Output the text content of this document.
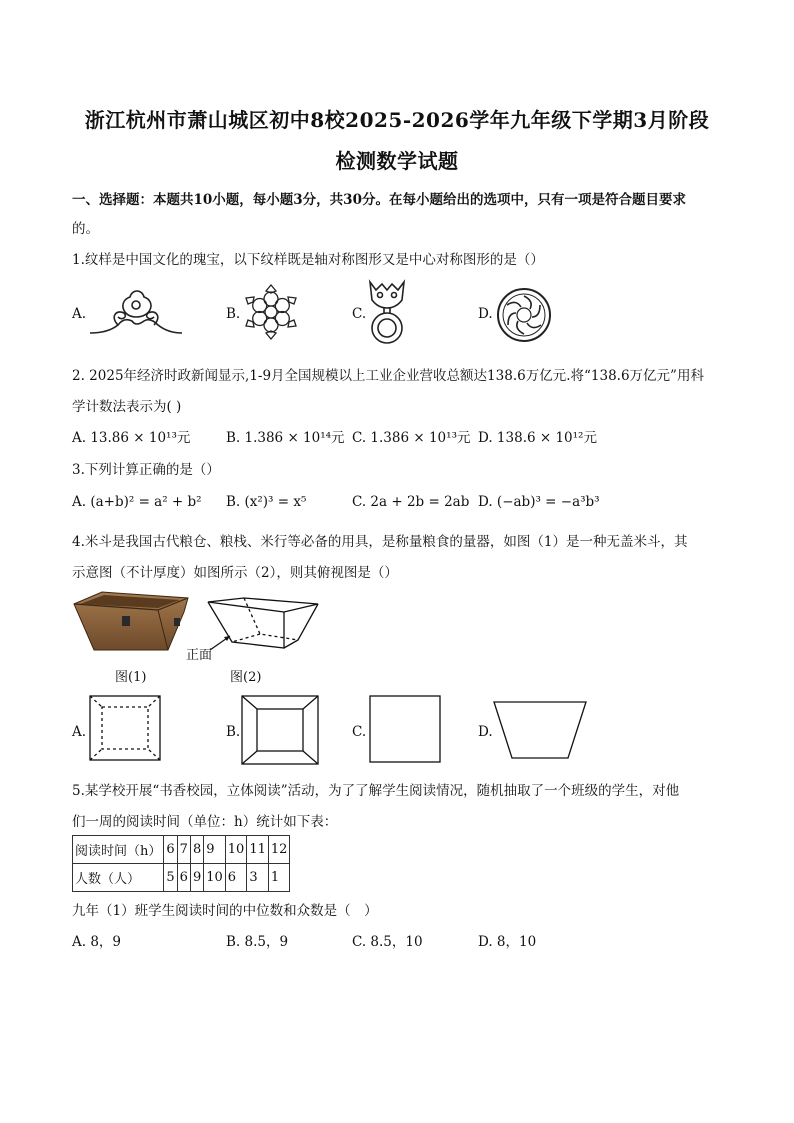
浙江杭州市萧山城区初中8校2025-2026学年九年级下学期3月阶段
检测数学试题
一、选择题：本题共10小题，每小题3分，共30分。在每小题给出的选项中，只有一项是符合题目要求
的。
1.纹样是中国文化的瑰宝，以下纹样既是轴对称图形又是中心对称图形的是（）
A.	B.	C.	D.
2. 2025年经济时政新闻显示,1-9月全国规模以上工业企业营收总额达138.6万亿元.将“138.6万亿元”用科
学计数法表示为( )
A. 13.86 × 10¹³元	B. 1.386 × 10¹⁴元 C. 1.386 × 10¹³元 D. 138.6 × 10¹²元
3.下列计算正确的是（）
A. (a+b)² = a² + b² B. (x²)³ = x⁵	C. 2a + 2b = 2ab D. (−ab)³ = −a³b³
4.米斗是我国古代粮仓、粮栈、米行等必备的用具，是称量粮食的量器，如图（1）是一种无盖米斗，其
示意图（不计厚度）如图所示（2），则其俯视图是（）
图(1)
正面
图(2)
A.	B.	C.	D.
5.某学校开展“书香校园，立体阅读”活动，为了了解学生阅读情况，随机抽取了一个班级的学生，对他
们一周的阅读时间（单位：h）统计如下表：
阅读时间（h）	6	7	8	9	10	11	12
人数（人）	5	6	9	10	6	3	1
九年（1）班学生阅读时间的中位数和众数是（　）
A. 8，9	B. 8.5，9	C. 8.5，10	D. 8，10
